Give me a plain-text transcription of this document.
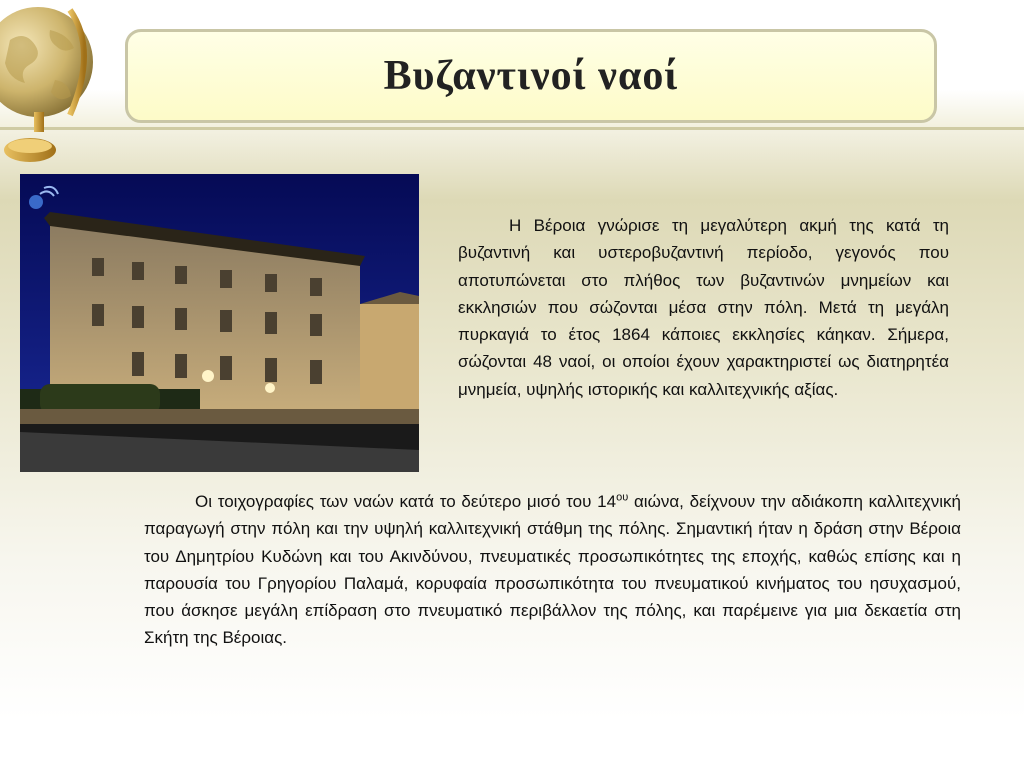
Βυζαντινοί ναοί

Η Βέροια γνώρισε τη μεγαλύτερη ακμή της κατά τη βυζαντινή και υστεροβυζαντινή περίοδο, γεγονός που αποτυπώνεται στο πλήθος των βυζαντινών μνημείων και εκκλησιών που σώζονται μέσα στην πόλη. Μετά τη μεγάλη πυρκαγιά το έτος 1864 κάποιες εκκλησίες κάηκαν. Σήμερα, σώζονται 48 ναοί, οι οποίοι έχουν χαρακτηριστεί ως διατηρητέα μνημεία, υψηλής ιστορικής και καλλιτεχνικής αξίας.

Οι τοιχογραφίες των ναών κατά το δεύτερο μισό του $14^{o\upsilon}$ αιώνα, δείχνουν την αδιάκοπη καλλιτεχνική παραγωγή στην πόλη και την υψηλή καλλιτεχνική στάθμη της πόλης. Σημαντική ήταν η δράση στην Βέροια του Δημητρίου Κυδώνη και του Ακινδύνου, πνευματικές προσωπικότητες της εποχής, καθώς επίσης και η παρουσία του Γρηγορίου Παλαμά, κορυφαία προσωπικότητα του πνευματικού κινήματος του ησυχασμού, που άσκησε μεγάλη επίδραση στο πνευματικό περιβάλλον της πόλης, και παρέμεινε για μια δεκαετία στη Σκήτη της Βέροιας.
